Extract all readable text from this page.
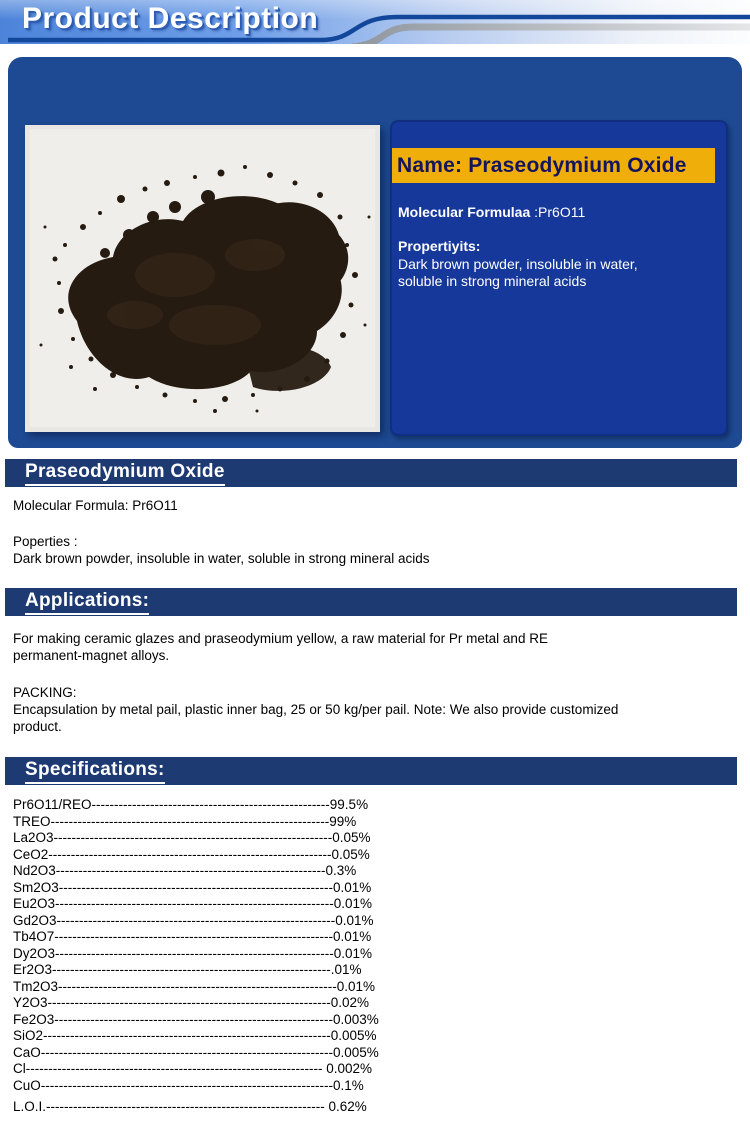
Product Description
Name: Praseodymium Oxide
Molecular Formulaa :Pr6O11
Propertiyits:
Dark brown powder, insoluble in water,
soluble in strong mineral acids
Praseodymium Oxide
Molecular Formula: Pr6O11
Poperties :
Dark brown powder, insoluble in water, soluble in strong mineral acids
Applications:
For making ceramic glazes and praseodymium yellow, a raw material for Pr metal and RE permanent-magnet alloys.
PACKING:
Encapsulation by metal pail, plastic inner bag, 25 or 50 kg/per pail. Note: We also provide customized product.
Specifications:
Pr6O11/REO-----------------------------------------------------99.5%
TREO--------------------------------------------------------------99%
La2O3--------------------------------------------------------------0.05%
CeO2---------------------------------------------------------------0.05%
Nd2O3------------------------------------------------------------0.3%
Sm2O3-------------------------------------------------------------0.01%
Eu2O3--------------------------------------------------------------0.01%
Gd2O3--------------------------------------------------------------0.01%
Tb4O7--------------------------------------------------------------0.01%
Dy2O3--------------------------------------------------------------0.01%
Er2O3--------------------------------------------------------------.01%
Tm2O3--------------------------------------------------------------0.01%
Y2O3---------------------------------------------------------------0.02%
Fe2O3--------------------------------------------------------------0.003%
SiO2----------------------------------------------------------------0.005%
CaO-----------------------------------------------------------------0.005%
Cl------------------------------------------------------------------ 0.002%
CuO-----------------------------------------------------------------0.1%
L.O.I.-------------------------------------------------------------- 0.62%
